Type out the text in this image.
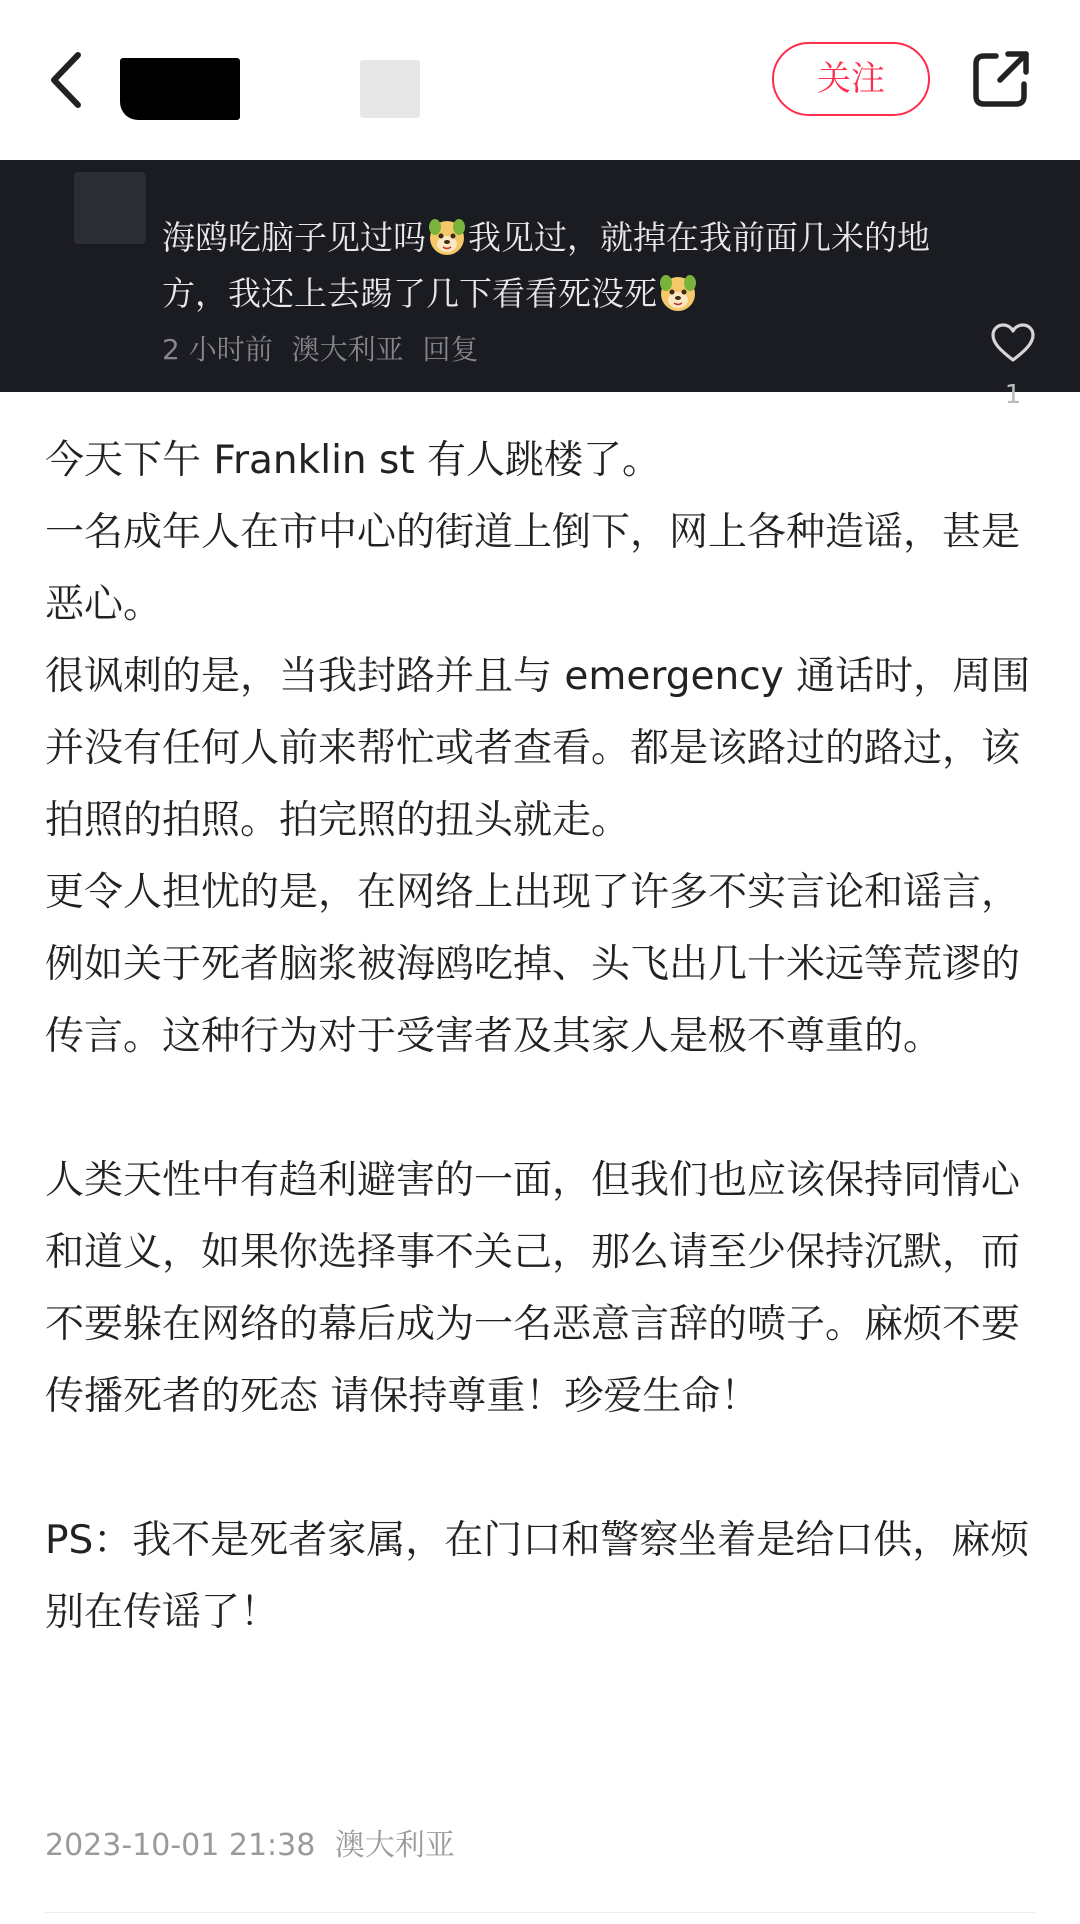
关注

海鸥吃脑子见过吗 我见过，就掉在我前面几米的地方，我还上去踢了几下看看死没死

2 小时前 澳大利亚 回复
1

今天下午 Franklin st 有人跳楼了。

一名成年人在市中心的街道上倒下，网上各种造谣，甚是恶心。

很讽刺的是，当我封路并且与 emergency 通话时，周围并没有任何人前来帮忙或者查看。都是该路过的路过，该拍照的拍照。拍完照的扭头就走。

更令人担忧的是，在网络上出现了许多不实言论和谣言，例如关于死者脑浆被海鸥吃掉、头飞出几十米远等荒谬的传言。这种行为对于受害者及其家人是极不尊重的。

人类天性中有趋利避害的一面，但我们也应该保持同情心和道义，如果你选择事不关己，那么请至少保持沉默，而不要躲在网络的幕后成为一名恶意言辞的喷子。麻烦不要传播死者的死态 请保持尊重！珍爱生命！

PS：我不是死者家属，在门口和警察坐着是给口供，麻烦别在传谣了！

2023-10-01 21:38 澳大利亚
